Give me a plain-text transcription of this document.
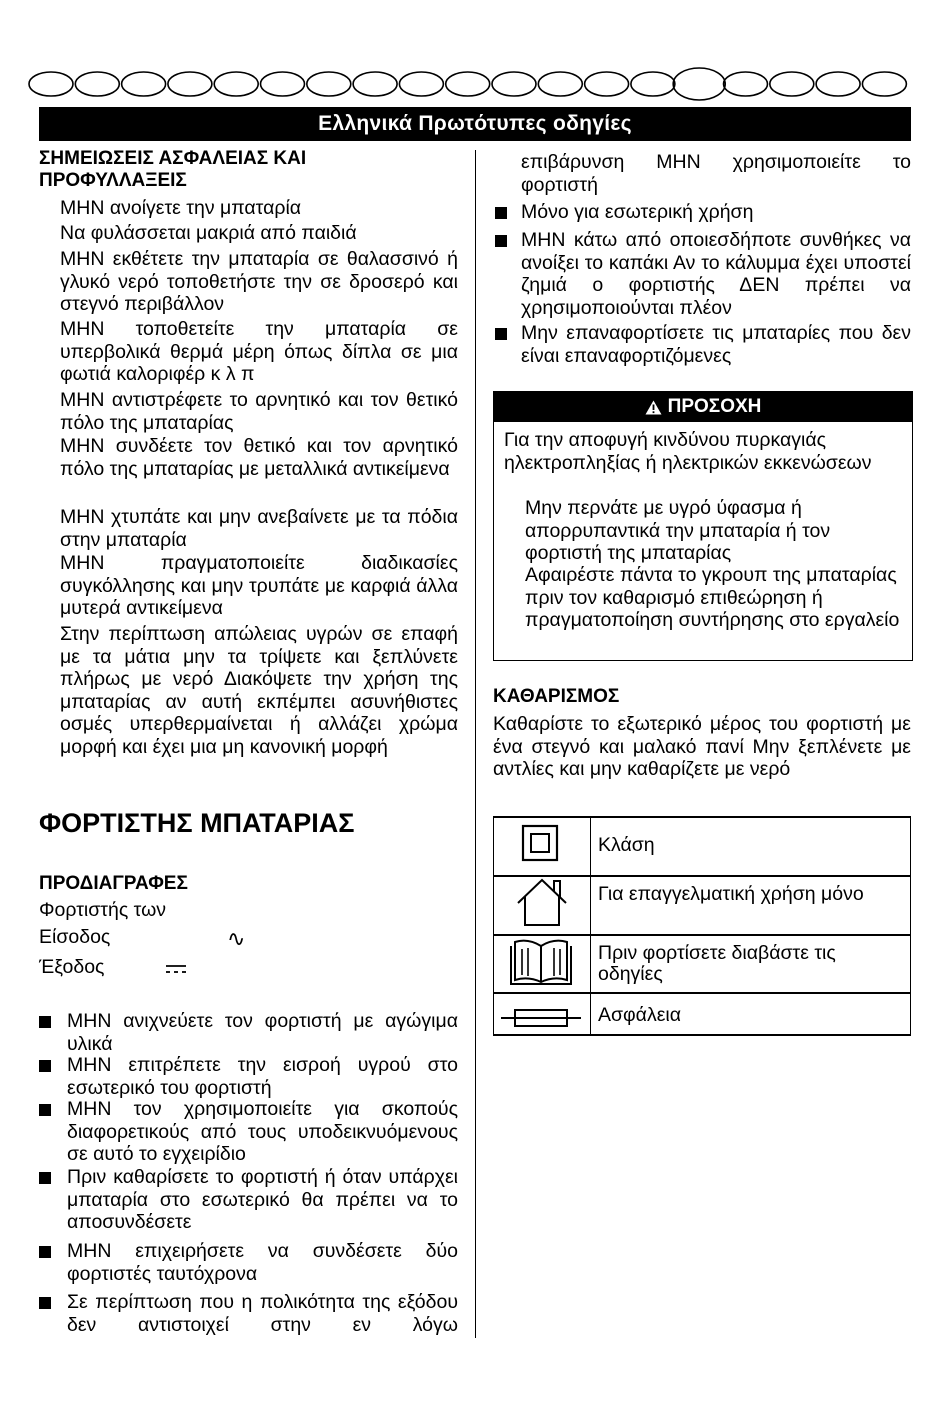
Ελληνικά Πρωτότυπες οδηγίες
ΣΗΜΕΙΩΣΕΙΣ ΑΣΦΑΛΕΙΑΣ ΚΑΙ ΠΡΟΦΥΛΛΑΞΕΙΣ
ΜΗΝ ανοίγετε την μπαταρία
Να φυλάσσεται μακριά από παιδιά
ΜΗΝ εκθέτετε την μπαταρία σε θαλασσινό ή γλυκό νερό τοποθετήστε την σε δροσερό και στεγνό περιβάλλον
ΜΗΝ τοποθετείτε την μπαταρία σε υπερβολικά θερμά μέρη όπως δίπλα σε μια φωτιά καλοριφέρ κ λ π
ΜΗΝ αντιστρέφετε το αρνητικό και τον θετικό πόλο της μπαταρίας
ΜΗΝ συνδέετε τον θετικό και τον αρνητικό πόλο της μπαταρίας με μεταλλικά αντικείμενα
ΜΗΝ χτυπάτε και μην ανεβαίνετε με τα πόδια στην μπαταρία
ΜΗΝ πραγματοποιείτε διαδικασίες συγκόλλησης και μην τρυπάτε με καρφιά άλλα μυτερά αντικείμενα
Στην περίπτωση απώλειας υγρών σε επαφή με τα μάτια μην τα τρίψετε και ξεπλύνετε πλήρως με νερό Διακόψετε την χρήση της μπαταρίας αν αυτή εκπέμπει ασυνήθιστες οσμές υπερθερμαίνεται ή αλλάζει χρώμα μορφή και έχει μια μη κανονική μορφή
ΦΟΡΤΙΣΤΗΣ ΜΠΑΤΑΡΙΑΣ
ΠΡΟΔΙΑΓΡΑΦΕΣ
Φορτιστής των
Είσοδος	∿
Έξοδος
ΜΗΝ ανιχνεύετε τον φορτιστή με αγώγιμα υλικά
ΜΗΝ επιτρέπετε την εισροή υγρού στο εσωτερικό του φορτιστή
ΜΗΝ τον χρησιμοποιείτε για σκοπούς διαφορετικούς από τους υποδεικνυόμενους σε αυτό το εγχειρίδιο
Πριν καθαρίσετε το φορτιστή ή όταν υπάρχει μπαταρία στο εσωτερικό θα πρέπει να το αποσυνδέσετε
ΜΗΝ επιχειρήσετε να συνδέσετε δύο φορτιστές ταυτόχρονα
Σε περίπτωση που η πολικότητα της εξόδου δεν αντιστοιχεί στην εν λόγω
επιβάρυνση ΜΗΝ χρησιμοποιείτε το φορτιστή
Μόνο για εσωτερική χρήση
ΜΗΝ κάτω από οποιεσδήποτε συνθήκες να ανοίξει το καπάκι Αν το κάλυμμα έχει υποστεί ζημιά ο φορτιστής ΔΕΝ πρέπει να χρησιμοποιούνται πλέον
Μην επαναφορτίσετε τις μπαταρίες που δεν είναι επαναφορτιζόμενες
ΠΡΟΣΟΧΗ
Για την αποφυγή κινδύνου πυρκαγιάς ηλεκτροπληξίας ή ηλεκτρικών εκκενώσεων
Μην περνάτε με υγρό ύφασμα ή απορρυπαντικά την μπαταρία ή τον φορτιστή της μπαταρίας
Αφαιρέστε πάντα το γκρουπ της μπαταρίας πριν τον καθαρισμό επιθεώρηση ή πραγματοποίηση συντήρησης στο εργαλείο
ΚΑΘΑΡΙΣΜΟΣ
Καθαρίστε το εξωτερικό μέρος του φορτιστή με ένα στεγνό και μαλακό πανί Μην ξεπλένετε με αντλίες και μην καθαρίζετε με νερό
Κλάση
Για επαγγελματική χρήση μόνο
Πριν φορτίσετε διαβάστε τις οδηγίες
Ασφάλεια
